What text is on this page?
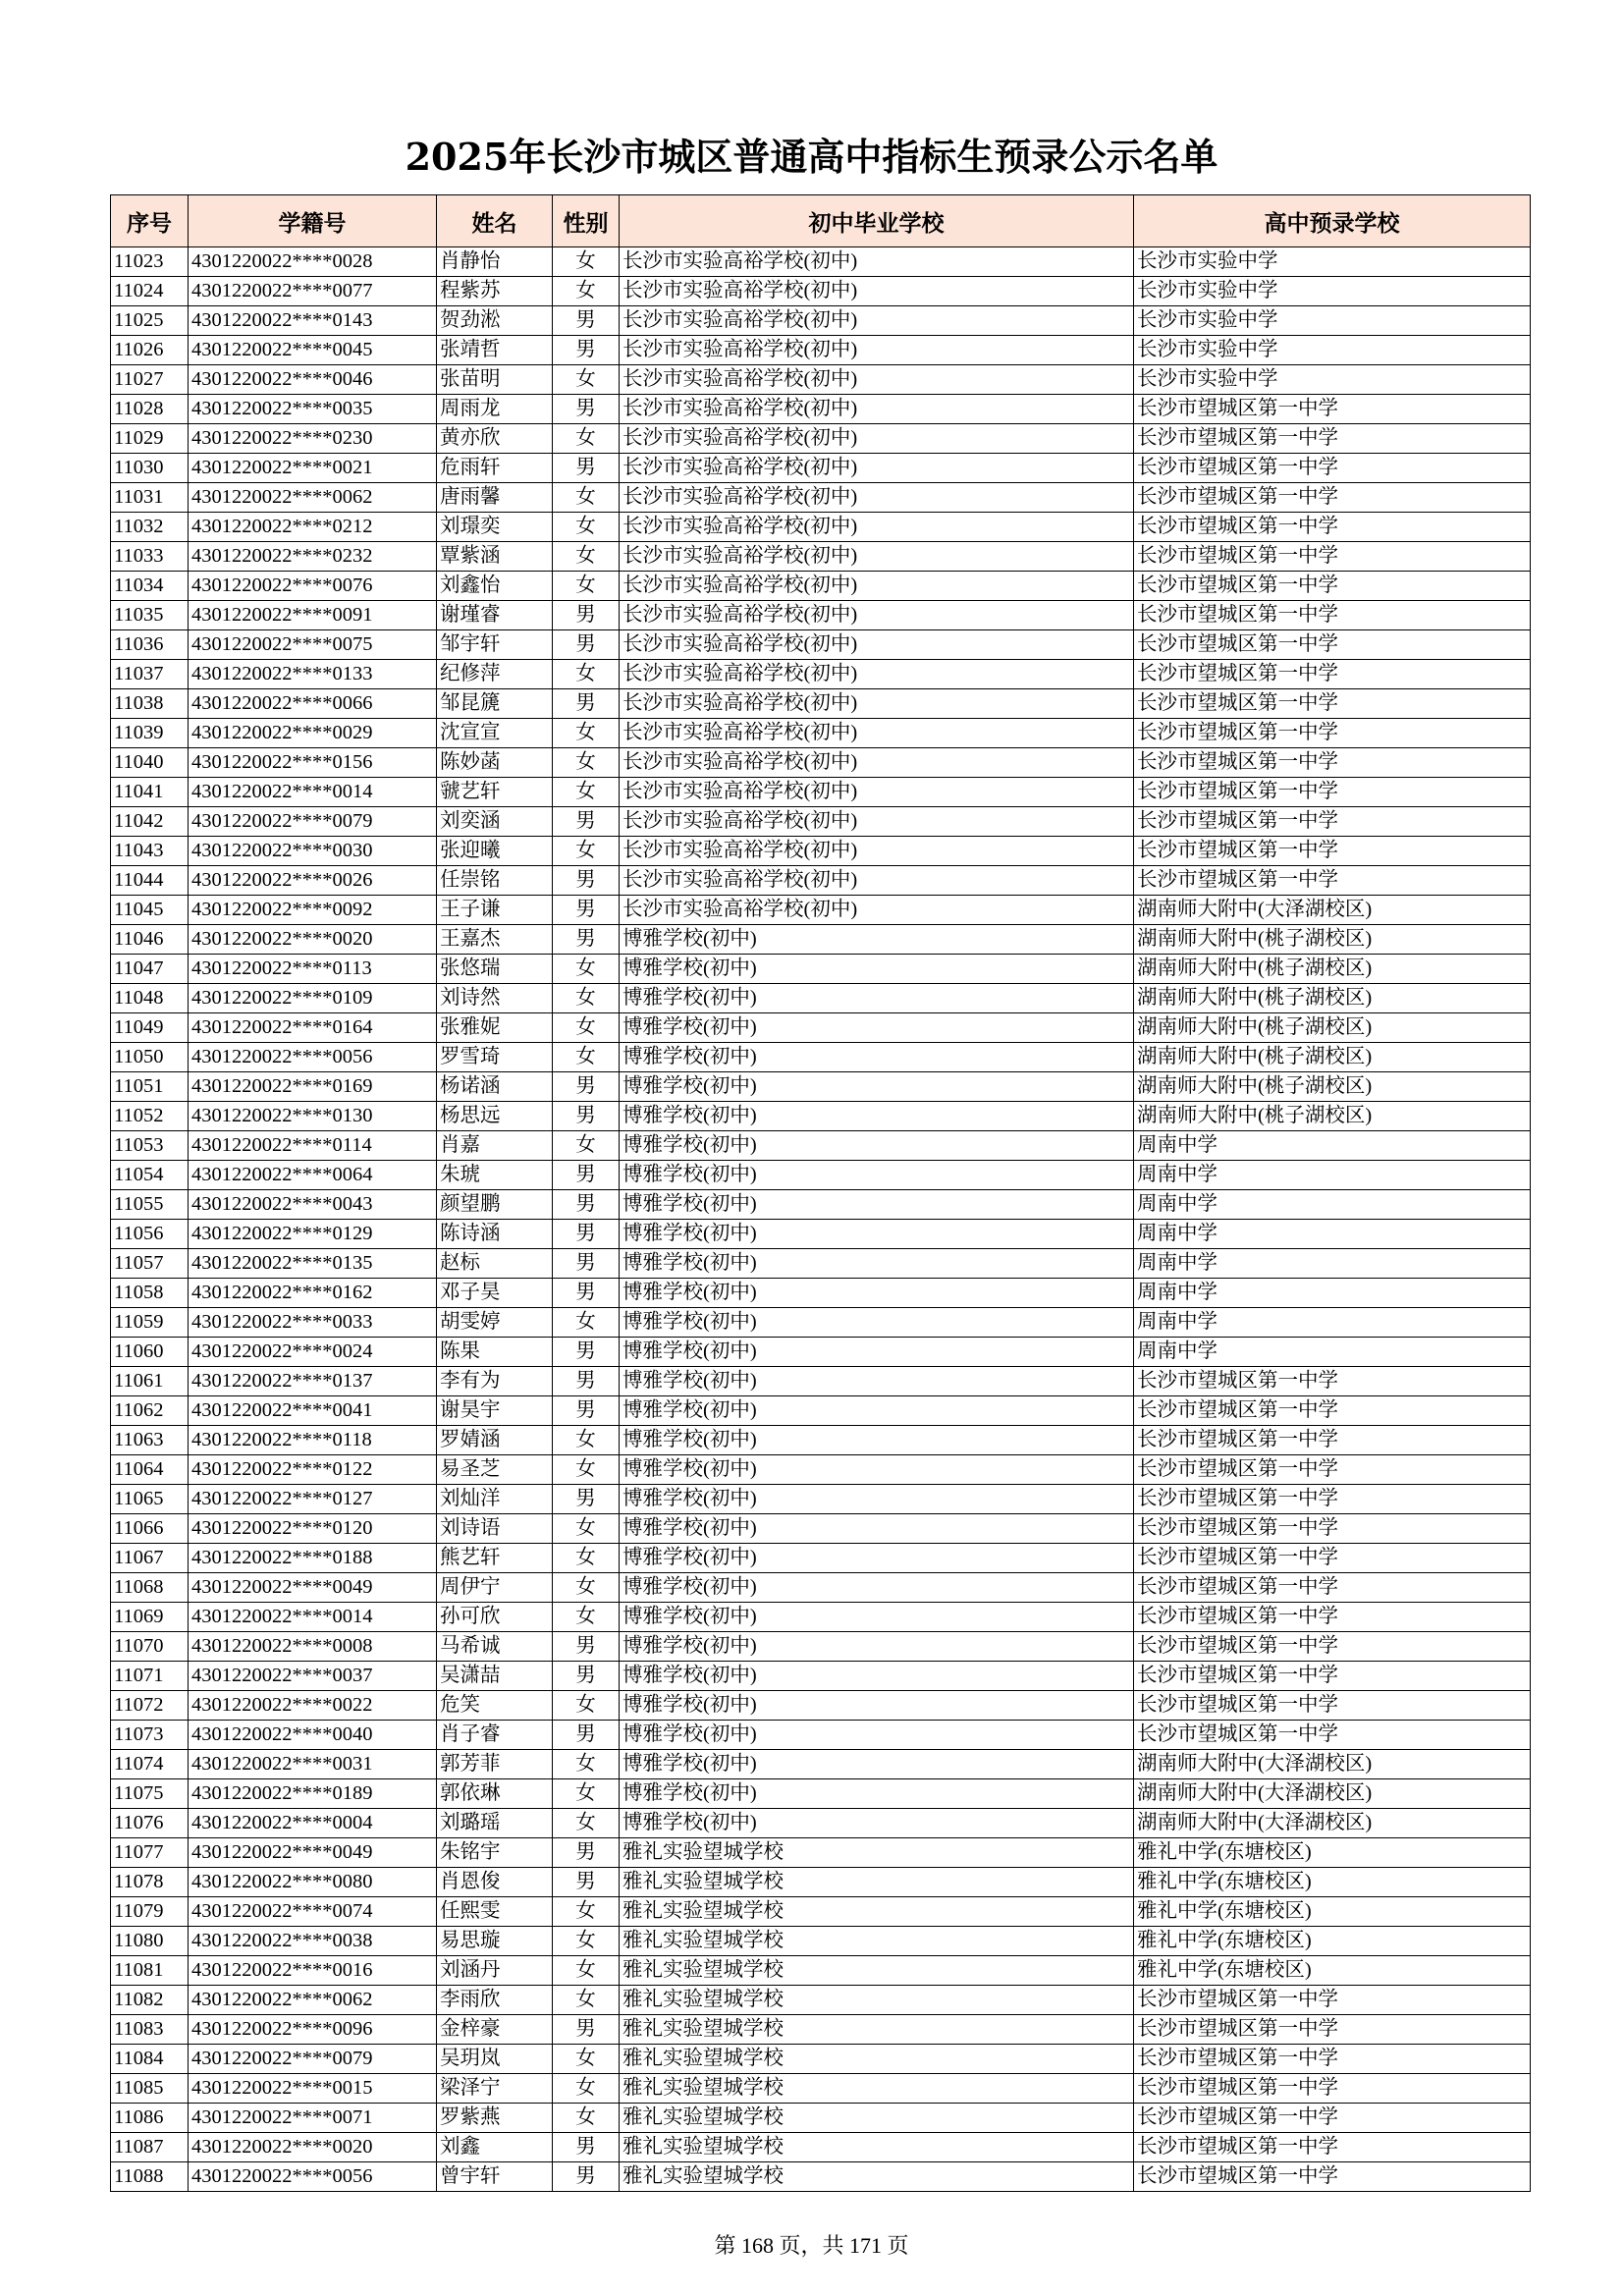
2025年长沙市城区普通高中指标生预录公示名单
序号	学籍号	姓名	性别	初中毕业学校	高中预录学校
11023	4301220022****0028	肖静怡	女	长沙市实验高裕学校(初中)	长沙市实验中学
11024	4301220022****0077	程紫苏	女	长沙市实验高裕学校(初中)	长沙市实验中学
11025	4301220022****0143	贺劲淞	男	长沙市实验高裕学校(初中)	长沙市实验中学
11026	4301220022****0045	张靖哲	男	长沙市实验高裕学校(初中)	长沙市实验中学
11027	4301220022****0046	张苗明	女	长沙市实验高裕学校(初中)	长沙市实验中学
11028	4301220022****0035	周雨龙	男	长沙市实验高裕学校(初中)	长沙市望城区第一中学
11029	4301220022****0230	黄亦欣	女	长沙市实验高裕学校(初中)	长沙市望城区第一中学
11030	4301220022****0021	危雨轩	男	长沙市实验高裕学校(初中)	长沙市望城区第一中学
11031	4301220022****0062	唐雨馨	女	长沙市实验高裕学校(初中)	长沙市望城区第一中学
11032	4301220022****0212	刘璟奕	女	长沙市实验高裕学校(初中)	长沙市望城区第一中学
11033	4301220022****0232	覃紫涵	女	长沙市实验高裕学校(初中)	长沙市望城区第一中学
11034	4301220022****0076	刘鑫怡	女	长沙市实验高裕学校(初中)	长沙市望城区第一中学
11035	4301220022****0091	谢瑾睿	男	长沙市实验高裕学校(初中)	长沙市望城区第一中学
11036	4301220022****0075	邹宇轩	男	长沙市实验高裕学校(初中)	长沙市望城区第一中学
11037	4301220022****0133	纪修萍	女	长沙市实验高裕学校(初中)	长沙市望城区第一中学
11038	4301220022****0066	邹昆篪	男	长沙市实验高裕学校(初中)	长沙市望城区第一中学
11039	4301220022****0029	沈宣宣	女	长沙市实验高裕学校(初中)	长沙市望城区第一中学
11040	4301220022****0156	陈妙菡	女	长沙市实验高裕学校(初中)	长沙市望城区第一中学
11041	4301220022****0014	虢艺轩	女	长沙市实验高裕学校(初中)	长沙市望城区第一中学
11042	4301220022****0079	刘奕涵	男	长沙市实验高裕学校(初中)	长沙市望城区第一中学
11043	4301220022****0030	张迎曦	女	长沙市实验高裕学校(初中)	长沙市望城区第一中学
11044	4301220022****0026	任崇铭	男	长沙市实验高裕学校(初中)	长沙市望城区第一中学
11045	4301220022****0092	王子谦	男	长沙市实验高裕学校(初中)	湖南师大附中(大泽湖校区)
11046	4301220022****0020	王嘉杰	男	博雅学校(初中)	湖南师大附中(桃子湖校区)
11047	4301220022****0113	张悠瑞	女	博雅学校(初中)	湖南师大附中(桃子湖校区)
11048	4301220022****0109	刘诗然	女	博雅学校(初中)	湖南师大附中(桃子湖校区)
11049	4301220022****0164	张雅妮	女	博雅学校(初中)	湖南师大附中(桃子湖校区)
11050	4301220022****0056	罗雪琦	女	博雅学校(初中)	湖南师大附中(桃子湖校区)
11051	4301220022****0169	杨诺涵	男	博雅学校(初中)	湖南师大附中(桃子湖校区)
11052	4301220022****0130	杨思远	男	博雅学校(初中)	湖南师大附中(桃子湖校区)
11053	4301220022****0114	肖嘉	女	博雅学校(初中)	周南中学
11054	4301220022****0064	朱琥	男	博雅学校(初中)	周南中学
11055	4301220022****0043	颜望鹏	男	博雅学校(初中)	周南中学
11056	4301220022****0129	陈诗涵	男	博雅学校(初中)	周南中学
11057	4301220022****0135	赵标	男	博雅学校(初中)	周南中学
11058	4301220022****0162	邓子昊	男	博雅学校(初中)	周南中学
11059	4301220022****0033	胡雯婷	女	博雅学校(初中)	周南中学
11060	4301220022****0024	陈果	男	博雅学校(初中)	周南中学
11061	4301220022****0137	李有为	男	博雅学校(初中)	长沙市望城区第一中学
11062	4301220022****0041	谢昊宇	男	博雅学校(初中)	长沙市望城区第一中学
11063	4301220022****0118	罗婧涵	女	博雅学校(初中)	长沙市望城区第一中学
11064	4301220022****0122	易圣芝	女	博雅学校(初中)	长沙市望城区第一中学
11065	4301220022****0127	刘灿洋	男	博雅学校(初中)	长沙市望城区第一中学
11066	4301220022****0120	刘诗语	女	博雅学校(初中)	长沙市望城区第一中学
11067	4301220022****0188	熊艺轩	女	博雅学校(初中)	长沙市望城区第一中学
11068	4301220022****0049	周伊宁	女	博雅学校(初中)	长沙市望城区第一中学
11069	4301220022****0014	孙可欣	女	博雅学校(初中)	长沙市望城区第一中学
11070	4301220022****0008	马希诚	男	博雅学校(初中)	长沙市望城区第一中学
11071	4301220022****0037	吴潇喆	男	博雅学校(初中)	长沙市望城区第一中学
11072	4301220022****0022	危笑	女	博雅学校(初中)	长沙市望城区第一中学
11073	4301220022****0040	肖子睿	男	博雅学校(初中)	长沙市望城区第一中学
11074	4301220022****0031	郭芳菲	女	博雅学校(初中)	湖南师大附中(大泽湖校区)
11075	4301220022****0189	郭依琳	女	博雅学校(初中)	湖南师大附中(大泽湖校区)
11076	4301220022****0004	刘璐瑶	女	博雅学校(初中)	湖南师大附中(大泽湖校区)
11077	4301220022****0049	朱铭宇	男	雅礼实验望城学校	雅礼中学(东塘校区)
11078	4301220022****0080	肖恩俊	男	雅礼实验望城学校	雅礼中学(东塘校区)
11079	4301220022****0074	任熙雯	女	雅礼实验望城学校	雅礼中学(东塘校区)
11080	4301220022****0038	易思璇	女	雅礼实验望城学校	雅礼中学(东塘校区)
11081	4301220022****0016	刘涵丹	女	雅礼实验望城学校	雅礼中学(东塘校区)
11082	4301220022****0062	李雨欣	女	雅礼实验望城学校	长沙市望城区第一中学
11083	4301220022****0096	金梓豪	男	雅礼实验望城学校	长沙市望城区第一中学
11084	4301220022****0079	吴玥岚	女	雅礼实验望城学校	长沙市望城区第一中学
11085	4301220022****0015	梁泽宁	女	雅礼实验望城学校	长沙市望城区第一中学
11086	4301220022****0071	罗紫燕	女	雅礼实验望城学校	长沙市望城区第一中学
11087	4301220022****0020	刘鑫	男	雅礼实验望城学校	长沙市望城区第一中学
11088	4301220022****0056	曾宇轩	男	雅礼实验望城学校	长沙市望城区第一中学
第 168 页，共 171 页
